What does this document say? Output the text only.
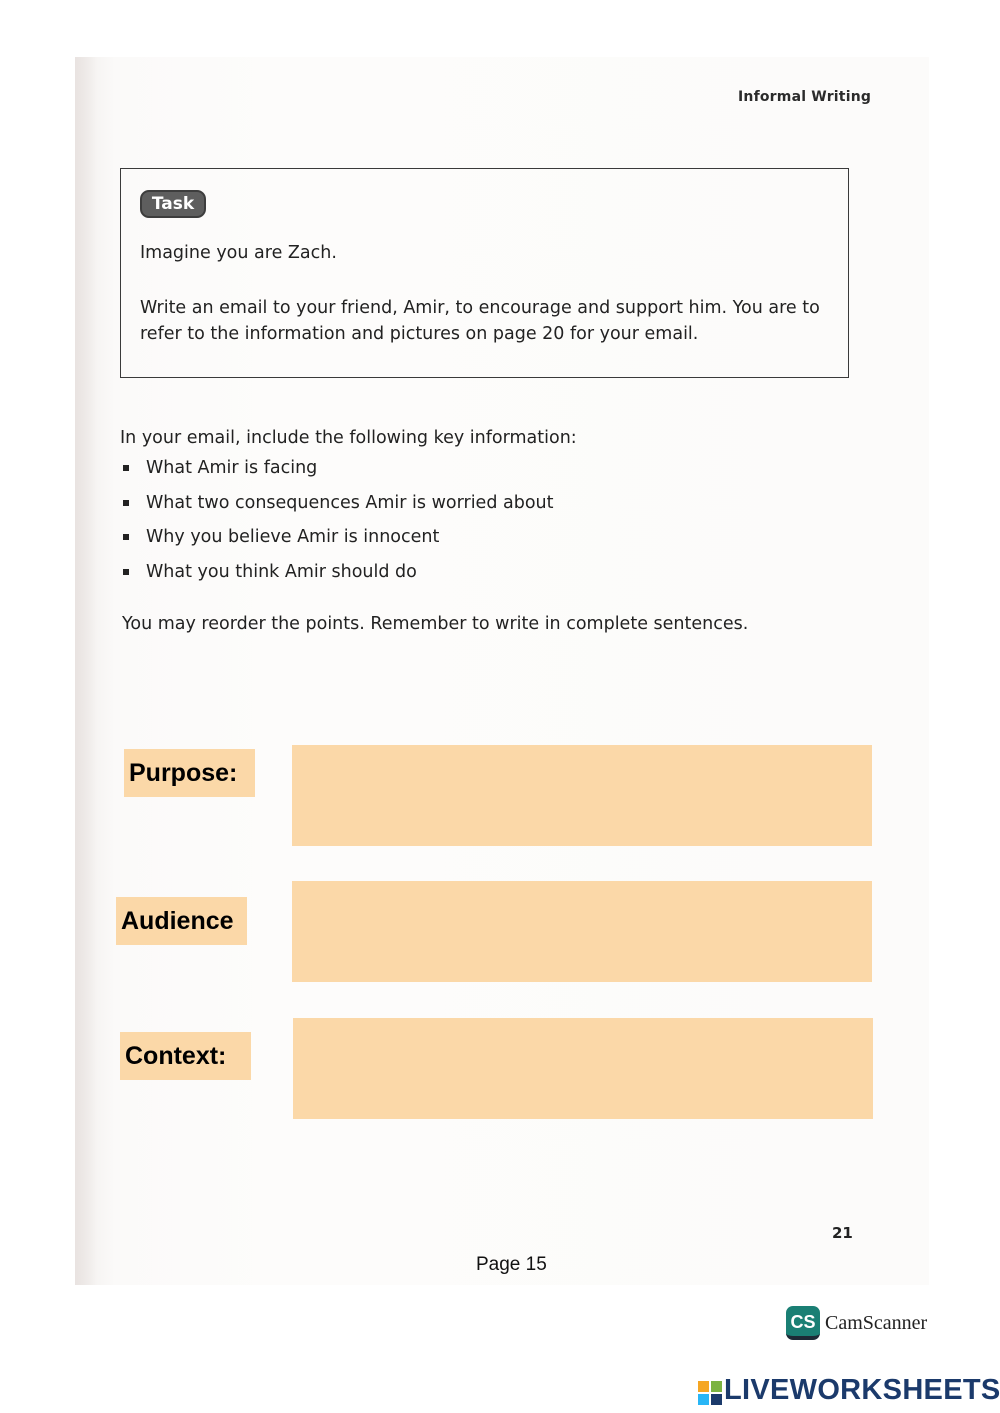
Informal Writing
Task
Imagine you are Zach.
Write an email to your friend, Amir, to encourage and support him. You are to refer to the information and pictures on page 20 for your email.
In your email, include the following key information:
What Amir is facing
What two consequences Amir is worried about
Why you believe Amir is innocent
What you think Amir should do
You may reorder the points. Remember to write in complete sentences.
Purpose:
Audience
Context:
21
Page 15
CS CamScanner
LIVEWORKSHEETS
